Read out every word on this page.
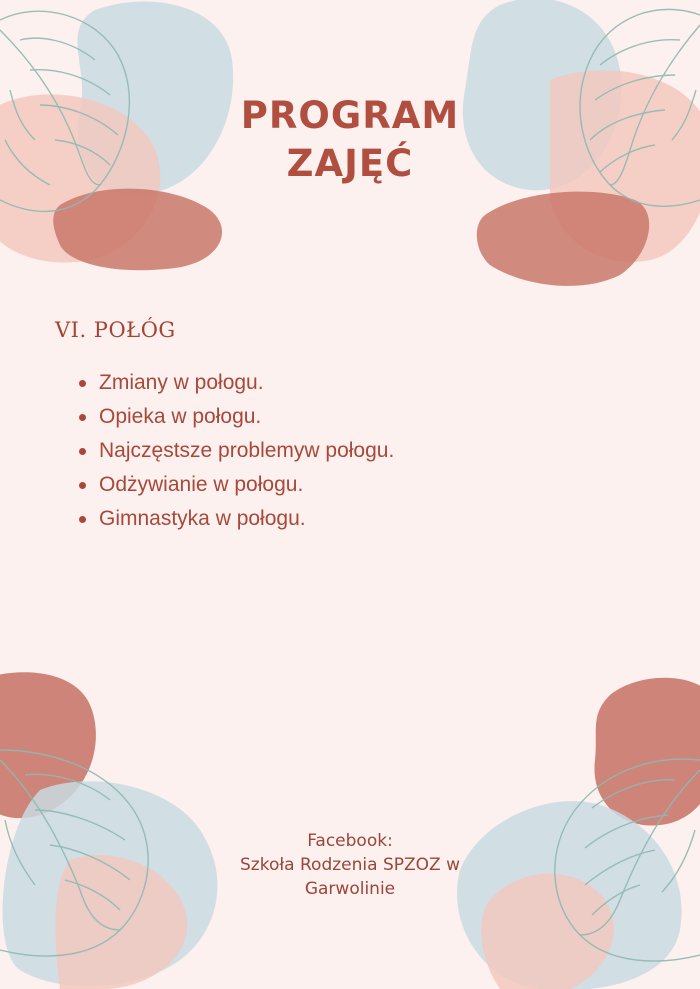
PROGRAM
ZAJĘĆ
VI. POŁÓG
Zmiany w połogu.
Opieka w połogu.
Najczęstsze problemyw połogu.
Odżywianie w połogu.
Gimnastyka w połogu.
Facebook:
Szkoła Rodzenia SPZOZ w
Garwolinie
